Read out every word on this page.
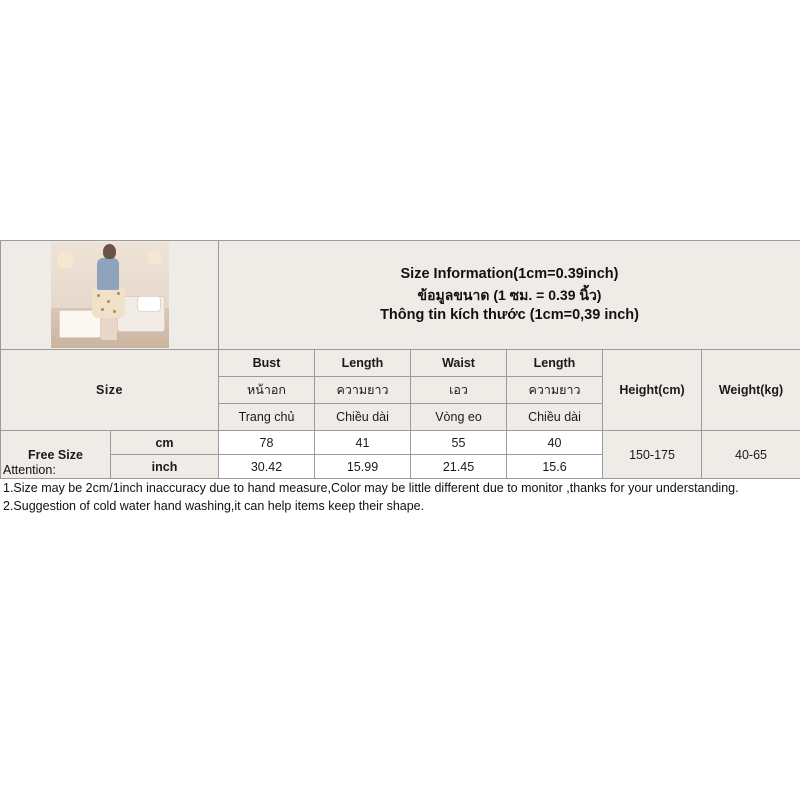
		Size Information(1cm=0.39inch)
ข้อมูลขนาด (1 ซม. = 0.39 นิ้ว)
Thông tin kích thước (1cm=0,39 inch)					

Size		Bust	Length	Waist	Length	Height(cm)	Weight(kg)
		หน้าอก	ความยาว	เอว	ความยาว		
		Trang chủ	Chiều dài	Vòng eo	Chiều dài		
Free Size	cm	78	41	55	40	150-175	40-65
	inch	30.42	15.99	21.45	15.6		
Attention:
1.Size may be 2cm/1inch inaccuracy due to hand measure,Color may be little different due to monitor ,thanks for your understanding.
2.Suggestion of cold water hand washing,it can help items keep their shape.
